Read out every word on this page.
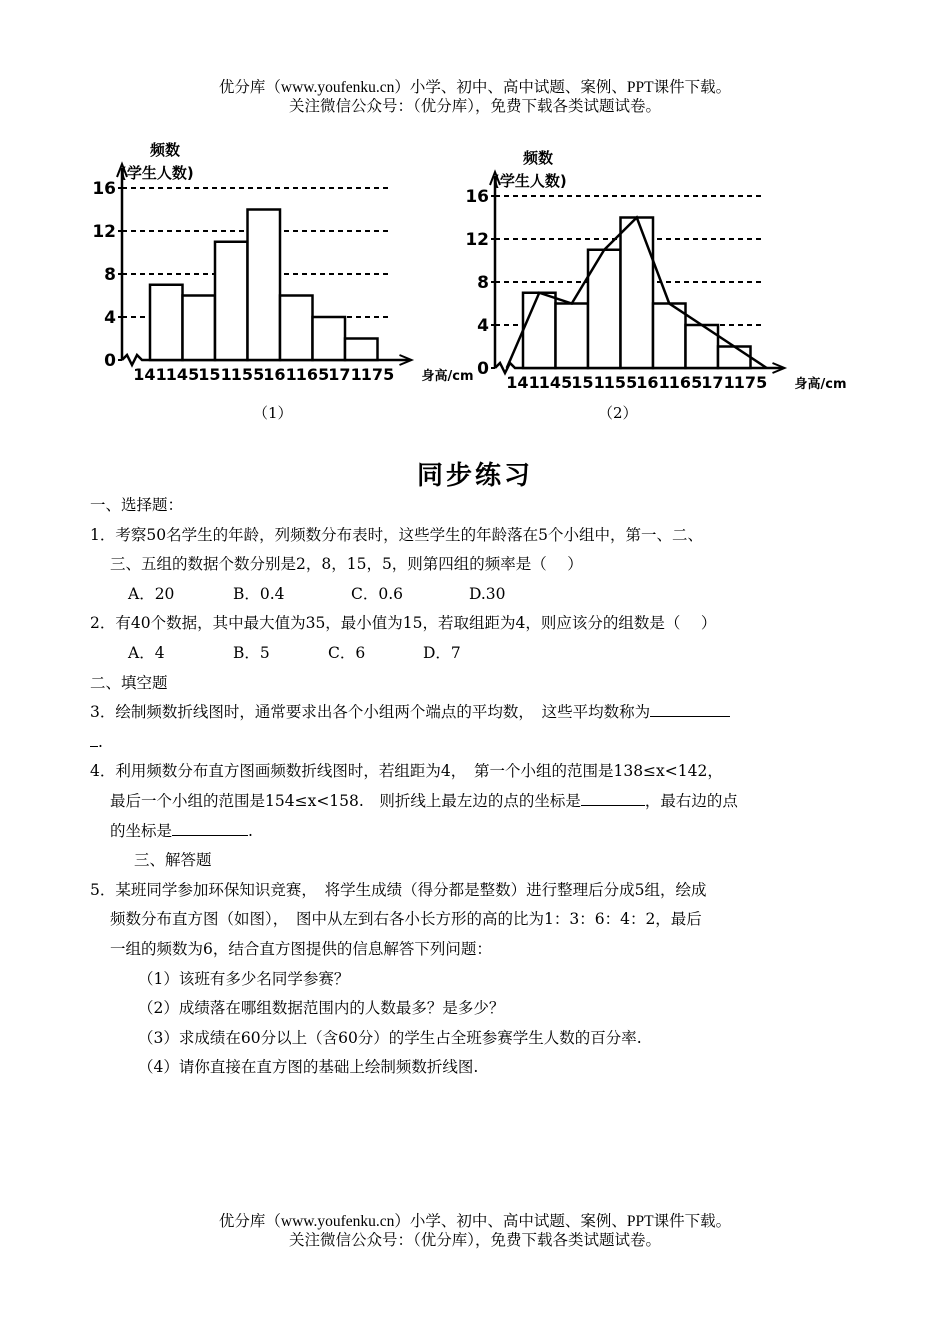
优分库（www.youfenku.cn）小学、初中、高中试题、案例、PPT课件下载。
关注微信公众号：（优分库），免费下载各类试题试卷。
频数
(学生人数)
0
4
8
12
16
141 145 151 155 161 165 171 175 身高/cm
（1）
频数
(学生人数)
0
4
8
12
16
141 145 151 155 161 165 171 175 身高/cm
（2）
同步练习
一、选择题：
1．考察50名学生的年龄，列频数分布表时，这些学生的年龄落在5个小组中，第一、二、
三、五组的数据个数分别是2，8，15，5，则第四组的频率是（　 ）
A．20	B．0.4	C．0.6	D.30
2．有40个数据，其中最大值为35，最小值为15，若取组距为4，则应该分的组数是（　 ）
A．4	B．5	C．6	D．7
二、填空题
3．绘制频数折线图时，通常要求出各个小组两个端点的平均数，　这些平均数称为
.
4．利用频数分布直方图画频数折线图时，若组距为4，　第一个小组的范围是138≤x<142，
最后一个小组的范围是154≤x<158.　则折线上最左边的点的坐标是	，最右边的点
的坐标是	.
三、解答题
5．某班同学参加环保知识竞赛，　将学生成绩（得分都是整数）进行整理后分成5组，绘成
频数分布直方图（如图），　图中从左到右各小长方形的高的比为1：3：6：4：2，最后
一组的频数为6，结合直方图提供的信息解答下列问题：
（1）该班有多少名同学参赛？
（2）成绩落在哪组数据范围内的人数最多？是多少？
（3）求成绩在60分以上（含60分）的学生占全班参赛学生人数的百分率.
（4）请你直接在直方图的基础上绘制频数折线图.
优分库（www.youfenku.cn）小学、初中、高中试题、案例、PPT课件下载。
关注微信公众号：（优分库），免费下载各类试题试卷。
